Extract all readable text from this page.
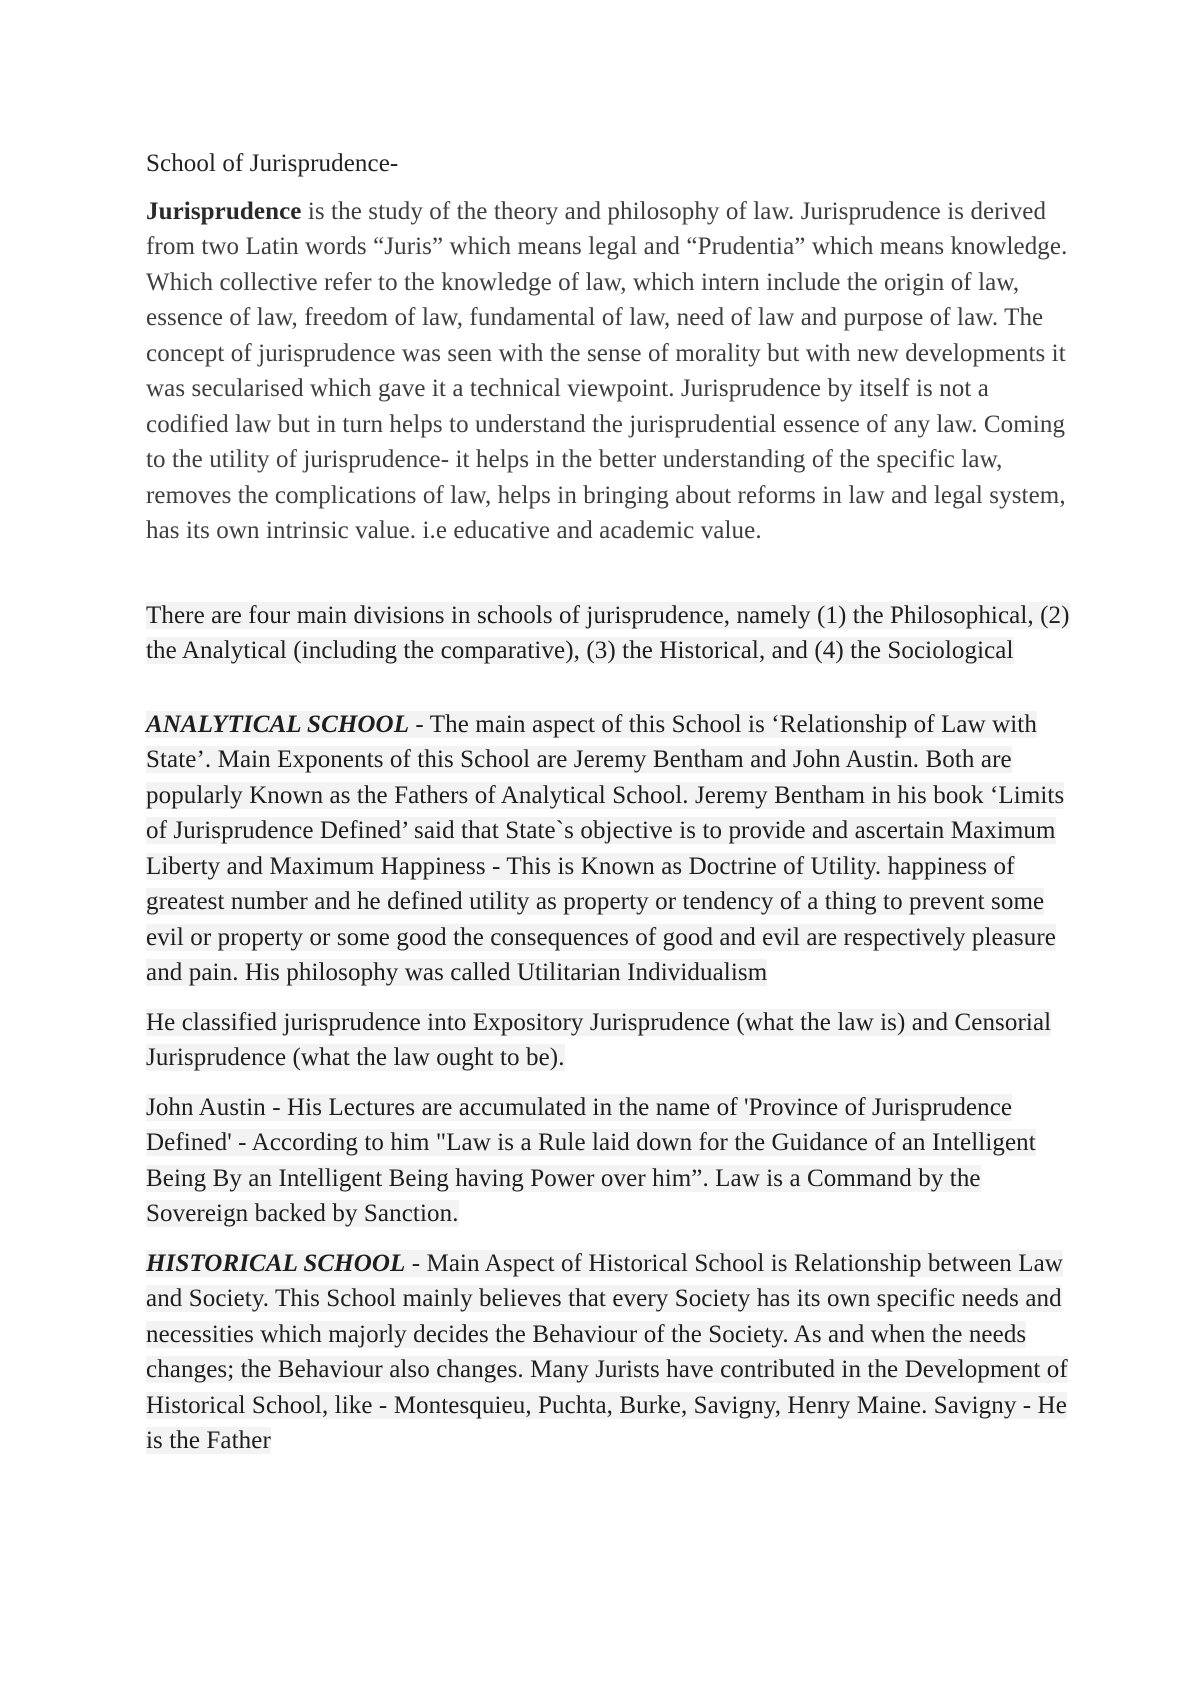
School of Jurisprudence-

Jurisprudence is the study of the theory and philosophy of law. Jurisprudence is derived from two Latin words “Juris” which means legal and “Prudentia” which means knowledge. Which collective refer to the knowledge of law, which intern include the origin of law, essence of law, freedom of law, fundamental of law, need of law and purpose of law. The concept of jurisprudence was seen with the sense of morality but with new developments it was secularised which gave it a technical viewpoint. Jurisprudence by itself is not a codified law but in turn helps to understand the jurisprudential essence of any law. Coming to the utility of jurisprudence- it helps in the better understanding of the specific law, removes the complications of law, helps in bringing about reforms in law and legal system, has its own intrinsic value. i.e educative and academic value.

There are four main divisions in schools of jurisprudence, namely (1) the Philosophical, (2) the Analytical (including the comparative), (3) the Historical, and (4) the Sociological

ANALYTICAL SCHOOL - The main aspect of this School is ‘Relationship of Law with State’. Main Exponents of this School are Jeremy Bentham and John Austin. Both are popularly Known as the Fathers of Analytical School. Jeremy Bentham in his book ‘Limits of Jurisprudence Defined’ said that State`s objective is to provide and ascertain Maximum Liberty and Maximum Happiness - This is Known as Doctrine of Utility. happiness of greatest number and he defined utility as property or tendency of a thing to prevent some evil or property or some good the consequences of good and evil are respectively pleasure and pain. His philosophy was called Utilitarian Individualism

He classified jurisprudence into Expository Jurisprudence (what the law is) and Censorial Jurisprudence (what the law ought to be).

John Austin - His Lectures are accumulated in the name of 'Province of Jurisprudence Defined' - According to him "Law is a Rule laid down for the Guidance of an Intelligent Being By an Intelligent Being having Power over him”. Law is a Command by the Sovereign backed by Sanction.

HISTORICAL SCHOOL - Main Aspect of Historical School is Relationship between Law and Society. This School mainly believes that every Society has its own specific needs and necessities which majorly decides the Behaviour of the Society. As and when the needs changes; the Behaviour also changes. Many Jurists have contributed in the Development of Historical School, like - Montesquieu, Puchta, Burke, Savigny, Henry Maine. Savigny - He is the Father
